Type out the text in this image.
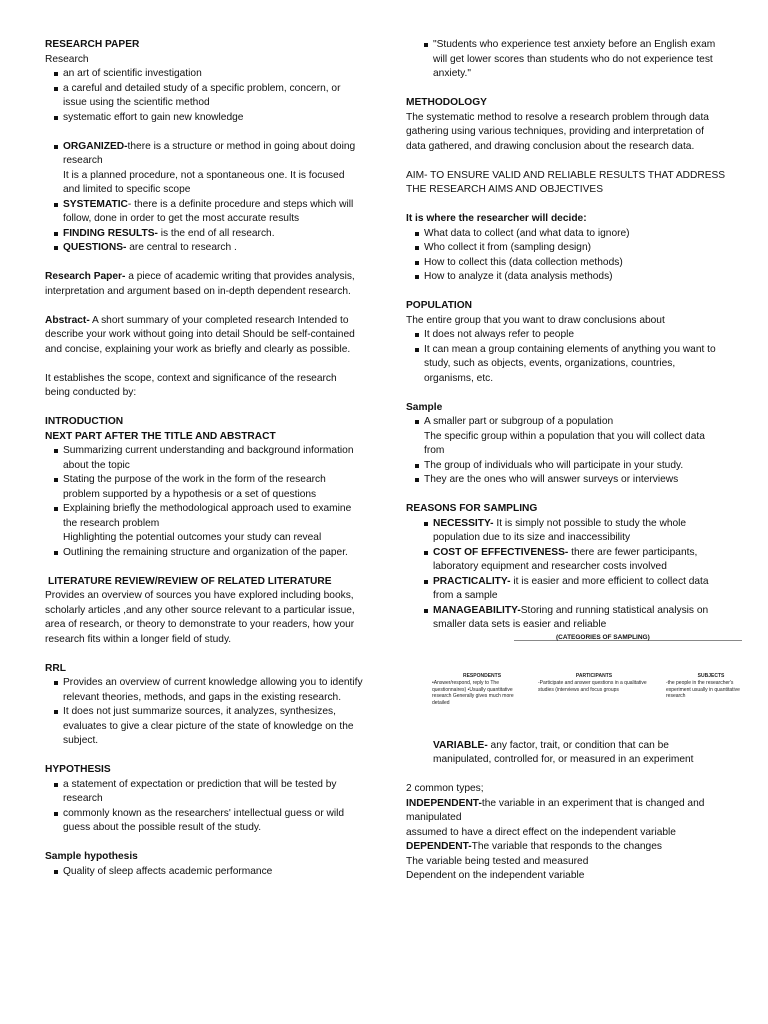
RESEARCH PAPER

Research

an art of scientific investigation
a careful and detailed study of a specific problem, concern, or issue using the scientific method
systematic effort to gain new knowledge
ORGANIZED-there is a structure or method in going about doing research

It is a planned procedure, not a spontaneous one. It is focused and limited to specific scope

SYSTEMATIC- there is a definite procedure and steps which will follow, done in order to get the most accurate results
FINDING RESULTS- is the end of all research.
QUESTIONS- are central to research .

Research Paper- a piece of academic writing that provides analysis, interpretation and argument based on in-depth dependent research.

Abstract- A short summary of your completed research Intended to describe your work without going into detail Should be self-contained and concise, explaining your work as briefly and clearly as possible.

It establishes the scope, context and significance of the research being conducted by:

INTRODUCTION

NEXT PART AFTER THE TITLE AND ABSTRACT

Summarizing current understanding and background information about the topic
Stating the purpose of the work in the form of the research problem supported by a hypothesis or a set of questions
Explaining briefly the methodological approach used to examine the research problem

Highlighting the potential outcomes your study can reveal

Outlining the remaining structure and organization of the paper.

LITERATURE REVIEW/REVIEW OF RELATED LITERATURE

Provides an overview of sources you have explored including books, scholarly articles ,and any other source relevant to a particular issue, area of research, or theory to demonstrate to your readers, how your research fits within a longer field of study.

RRL

Provides an overview of current knowledge allowing you to identify relevant theories, methods, and gaps in the existing research.
It does not just summarize sources, it analyzes, synthesizes, evaluates to give a clear picture of the state of knowledge on the subject.

HYPOTHESIS

a statement of expectation or prediction that will be tested by research
commonly known as the researchers' intellectual guess or wild guess about the possible result of the study.

Sample hypothesis

Quality of sleep affects academic performance
"Students who experience test anxiety before an English exam will get lower scores than students who do not experience test anxiety."

METHODOLOGY

The systematic method to resolve a research problem through data gathering using various techniques, providing and interpretation of data gathered, and drawing conclusion about the research data.

AIM- TO ENSURE VALID AND RELIABLE RESULTS THAT ADDRESS THE RESEARCH AIMS AND OBJECTIVES

It is where the researcher will decide:

What data to collect (and what data to ignore)
Who collect it from (sampling design)
How to collect this (data collection methods)
How to analyze it (data analysis methods)

POPULATION

The entire group that you want to draw conclusions about

It does not always refer to people
It can mean a group containing elements of anything you want to study, such as objects, events, organizations, countries, organisms, etc.

Sample

A smaller part or subgroup of a population

The specific group within a population that you will collect data from

The group of individuals who will participate in your study.
They are the ones who will answer surveys or interviews

REASONS FOR SAMPLING

NECESSITY- It is simply not possible to study the whole population due to its size and inaccessibility
COST OF EFFECTIVENESS- there are fewer participants, laboratory equipment and researcher costs involved
PRACTICALITY- it is easier and more efficient to collect data from a sample
MANAGEABILITY-Storing and running statistical analysis on smaller data sets is easier and reliable
(CATEGORIES OF SAMPLING)
RESPONDENTS
•Answer/respond, reply to The questionnaires) •Usually quantitative research Generally gives much more detailed
PARTICIPANTS
-Participate and answer questions in a qualitative studies (interviews and focus groups
SUBJECTS
-the people in the researcher's experiment usually in quantitative research

VARIABLE- any factor, trait, or condition that can be manipulated, controlled for, or measured in an experiment

2 common types;

INDEPENDENT-the variable in an experiment that is changed and manipulated

assumed to have a direct effect on the independent variable

DEPENDENT-The variable that responds to the changes

The variable being tested and measured

Dependent on the independent variable
